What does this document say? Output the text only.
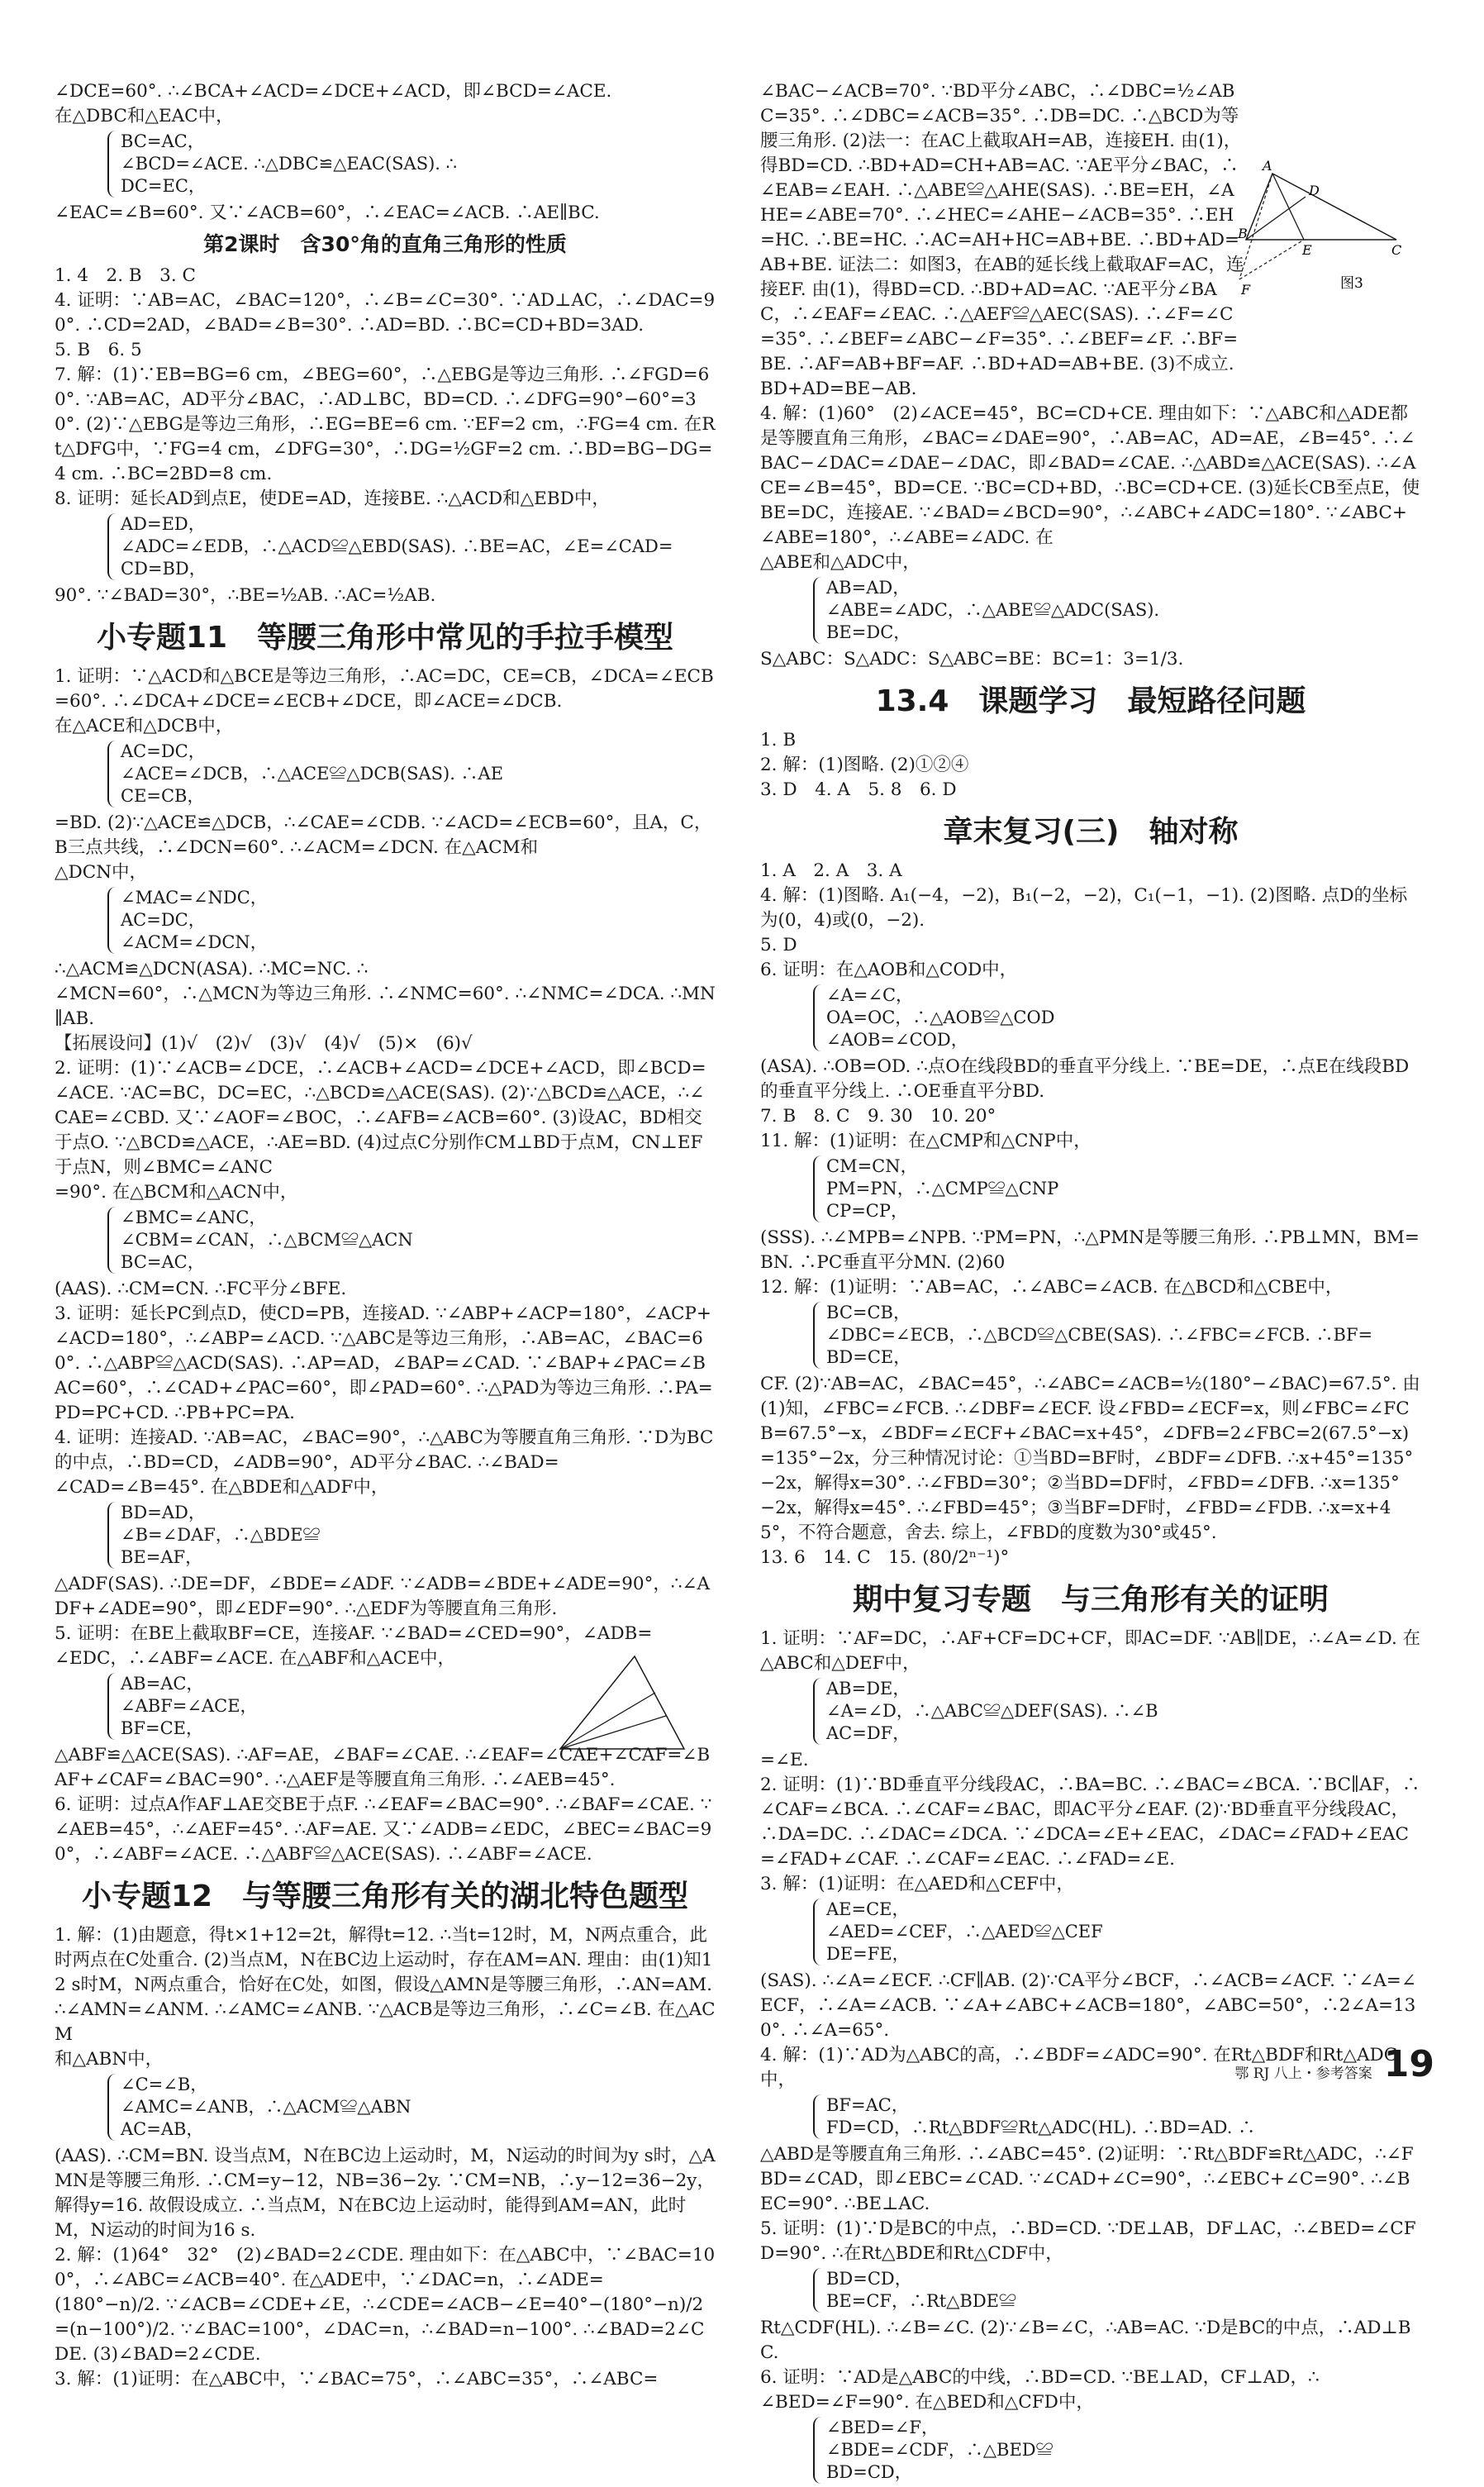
∠DCE=60°. ∴∠BCA+∠ACD=∠DCE+∠ACD，即∠BCD=∠ACE.

在△DBC和△EAC中，

BC=AC，
∠BCD=∠ACE. ∴△DBC≌△EAC(SAS). ∴
DC=EC，

∠EAC=∠B=60°. 又∵∠ACB=60°，∴∠EAC=∠ACB. ∴AE∥BC.

第2课时　含30°角的直角三角形的性质

1. 4　2. B　3. C

4. 证明：∵AB=AC，∠BAC=120°，∴∠B=∠C=30°. ∵AD⊥AC，∴∠DAC=90°. ∴CD=2AD，∠BAD=∠B=30°. ∴AD=BD. ∴BC=CD+BD=3AD.

5. B　6. 5

7. 解：(1)∵EB=BG=6 cm，∠BEG=60°，∴△EBG是等边三角形. ∴∠FGD=60°. ∵AB=AC，AD平分∠BAC，∴AD⊥BC，BD=CD. ∴∠DFG=90°−60°=30°. (2)∵△EBG是等边三角形，∴EG=BE=6 cm. ∵EF=2 cm，∴FG=4 cm. 在Rt△DFG中，∵FG=4 cm，∠DFG=30°，∴DG=½GF=2 cm. ∴BD=BG−DG=4 cm. ∴BC=2BD=8 cm.

8. 证明：延长AD到点E，使DE=AD，连接BE. ∴△ACD和△EBD中，

AD=ED，
∠ADC=∠EDB，∴△ACD≌△EBD(SAS). ∴BE=AC，∠E=∠CAD=
CD=BD，

90°. ∵∠BAD=30°，∴BE=½AB. ∴AC=½AB.

小专题11　等腰三角形中常见的手拉手模型

1. 证明：∵△ACD和△BCE是等边三角形，∴AC=DC，CE=CB，∠DCA=∠ECB=60°. ∴∠DCA+∠DCE=∠ECB+∠DCE，即∠ACE=∠DCB.

在△ACE和△DCB中，

AC=DC，
∠ACE=∠DCB，∴△ACE≌△DCB(SAS). ∴AE
CE=CB，

=BD. (2)∵△ACE≌△DCB，∴∠CAE=∠CDB. ∵∠ACD=∠ECB=60°，且A，C，B三点共线，∴∠DCN=60°. ∴∠ACM=∠DCN. 在△ACM和

△DCN中，

∠MAC=∠NDC，
AC=DC，
∠ACM=∠DCN，

∴△ACM≌△DCN(ASA). ∴MC=NC. ∴

∠MCN=60°，∴△MCN为等边三角形. ∴∠NMC=60°. ∴∠NMC=∠DCA. ∴MN∥AB.

【拓展设问】(1)√　(2)√　(3)√　(4)√　(5)×　(6)√

2. 证明：(1)∵∠ACB=∠DCE，∴∠ACB+∠ACD=∠DCE+∠ACD，即∠BCD=∠ACE. ∵AC=BC，DC=EC，∴△BCD≌△ACE(SAS). (2)∵△BCD≌△ACE，∴∠CAE=∠CBD. 又∵∠AOF=∠BOC，∴∠AFB=∠ACB=60°. (3)设AC，BD相交于点O. ∵△BCD≌△ACE，∴AE=BD. (4)过点C分别作CM⊥BD于点M，CN⊥EF于点N，则∠BMC=∠ANC

=90°. 在△BCM和△ACN中，

∠BMC=∠ANC，
∠CBM=∠CAN，∴△BCM≌△ACN
BC=AC，

(AAS). ∴CM=CN. ∴FC平分∠BFE.

3. 证明：延长PC到点D，使CD=PB，连接AD. ∵∠ABP+∠ACP=180°，∠ACP+∠ACD=180°，∴∠ABP=∠ACD. ∵△ABC是等边三角形，∴AB=AC，∠BAC=60°. ∴△ABP≌△ACD(SAS). ∴AP=AD，∠BAP=∠CAD. ∵∠BAP+∠PAC=∠BAC=60°，∴∠CAD+∠PAC=60°，即∠PAD=60°. ∴△PAD为等边三角形. ∴PA=PD=PC+CD. ∴PB+PC=PA.

4. 证明：连接AD. ∵AB=AC，∠BAC=90°，∴△ABC为等腰直角三角形. ∵D为BC的中点，∴BD=CD，∠ADB=90°，AD平分∠BAC. ∴∠BAD=

∠CAD=∠B=45°. 在△BDE和△ADF中，

BD=AD，
∠B=∠DAF，∴△BDE≌
BE=AF，

△ADF(SAS). ∴DE=DF，∠BDE=∠ADF. ∵∠ADB=∠BDE+∠ADE=90°，∴∠ADF+∠ADE=90°，即∠EDF=90°. ∴△EDF为等腰直角三角形.

5. 证明：在BE上截取BF=CE，连接AF. ∵∠BAD=∠CED=90°，∠ADB=

∠EDC，∴∠ABF=∠ACE. 在△ABF和△ACE中，

AB=AC，
∠ABF=∠ACE，
BF=CE，

△ABF≌△ACE(SAS). ∴AF=AE，∠BAF=∠CAE. ∴∠EAF=∠CAE+∠CAF=∠BAF+∠CAF=∠BAC=90°. ∴△AEF是等腰直角三角形. ∴∠AEB=45°.

6. 证明：过点A作AF⊥AE交BE于点F. ∴∠EAF=∠BAC=90°. ∴∠BAF=∠CAE. ∵∠AEB=45°，∴∠AEF=45°. ∴AF=AE. 又∵∠ADB=∠EDC，∠BEC=∠BAC=90°，∴∠ABF=∠ACE. ∴△ABF≌△ACE(SAS). ∴∠ABF=∠ACE.

小专题12　与等腰三角形有关的湖北特色题型

1. 解：(1)由题意，得t×1+12=2t，解得t=12. ∴当t=12时，M，N两点重合，此时两点在C处重合. (2)当点M，N在BC边上运动时，存在AM=AN. 理由：由(1)知12 s时M，N两点重合，恰好在C处，如图，假设△AMN是等腰三角形，∴AN=AM. ∴∠AMN=∠ANM. ∴∠AMC=∠ANB. ∵△ACB是等边三角形，∴∠C=∠B. 在△ACM

和△ABN中，

∠C=∠B，
∠AMC=∠ANB，∴△ACM≌△ABN
AC=AB，

(AAS). ∴CM=BN. 设当点M，N在BC边上运动时，M，N运动的时间为y s时，△AMN是等腰三角形. ∴CM=y−12，NB=36−2y. ∵CM=NB，∴y−12=36−2y，解得y=16. 故假设成立. ∴当点M，N在BC边上运动时，能得到AM=AN，此时M，N运动的时间为16 s.

2. 解：(1)64°　32°　(2)∠BAD=2∠CDE. 理由如下：在△ABC中，∵∠BAC=100°，∴∠ABC=∠ACB=40°. 在△ADE中，∵∠DAC=n，∴∠ADE=

(180°−n)/2. ∵∠ACB=∠CDE+∠E，∴∠CDE=∠ACB−∠E=40°−(180°−n)/2=(n−100°)/2. ∵∠BAC=100°，∠DAC=n，∴∠BAD=n−100°. ∴∠BAD=2∠CDE. (3)∠BAD=2∠CDE.

3. 解：(1)证明：在△ABC中，∵∠BAC=75°，∴∠ABC=35°，∴∠ABC=

∠BAC−∠ACB=70°. ∵BD平分∠ABC，∴∠DBC=½∠ABC=35°. ∴∠DBC=∠ACB=35°. ∴DB=DC. ∴△BCD为等腰三角形. (2)法一：在AC上截取AH=AB，连接EH. 由(1)，得BD=CD. ∴BD+AD=CH+AB=AC. ∵AE平分∠BAC，∴∠EAB=∠EAH. ∴△ABE≌△AHE(SAS). ∴BE=EH，∠AHE=∠ABE=70°. ∴∠HEC=∠AHE−∠ACB=35°. ∴EH=HC. ∴BE=HC. ∴AC=AH+HC=AB+BE. ∴BD+AD=AB+BE. 证法二：如图3，在AB的延长线上截取AF=AC，连接EF. 由(1)，得BD=CD. ∴BD+AD=AC. ∵AE平分∠BAC，∴∠EAF=∠EAC. ∴△AEF≌△AEC(SAS). ∴∠F=∠C=35°. ∴∠BEF=∠ABC−∠F=35°. ∴∠BEF=∠F. ∴BF=BE. ∴AF=AB+BF=AF. ∴BD+AD=AB+BE. (3)不成立. BD+AD=BE−AB.

4. 解：(1)60°　(2)∠ACE=45°，BC=CD+CE. 理由如下：∵△ABC和△ADE都是等腰直角三角形，∠BAC=∠DAE=90°，∴AB=AC，AD=AE，∠B=45°. ∴∠BAC−∠DAC=∠DAE−∠DAC，即∠BAD=∠CAE. ∴△ABD≌△ACE(SAS). ∴∠ACE=∠B=45°，BD=CE. ∵BC=CD+BD，∴BC=CD+CE. (3)延长CB至点E，使BE=DC，连接AE. ∵∠BAD=∠BCD=90°，∴∠ABC+∠ADC=180°. ∵∠ABC+∠ABE=180°，∴∠ABE=∠ADC. 在

△ABE和△ADC中，

AB=AD，
∠ABE=∠ADC，∴△ABE≌△ADC(SAS).
BE=DC，

S△ABC：S△ADC：S△ABC=BE：BC=1：3=1/3.

13.4　课题学习　最短路径问题

1. B

2. 解：(1)图略. (2)①②④

3. D　4. A　5. 8　6. D

章末复习(三)　轴对称

1. A　2. A　3. A

4. 解：(1)图略. A₁(−4，−2)，B₁(−2，−2)，C₁(−1，−1). (2)图略. 点D的坐标为(0，4)或(0，−2).

5. D

6. 证明：在△AOB和△COD中，

∠A=∠C，
OA=OC，∴△AOB≌△COD
∠AOB=∠COD，

(ASA). ∴OB=OD. ∴点O在线段BD的垂直平分线上. ∵BE=DE，∴点E在线段BD的垂直平分线上. ∴OE垂直平分BD.

7. B　8. C　9. 30　10. 20°

11. 解：(1)证明：在△CMP和△CNP中，

CM=CN，
PM=PN，∴△CMP≌△CNP
CP=CP，

(SSS). ∴∠MPB=∠NPB. ∵PM=PN，∴△PMN是等腰三角形. ∴PB⊥MN，BM=BN. ∴PC垂直平分MN. (2)60

12. 解：(1)证明：∵AB=AC，∴∠ABC=∠ACB. 在△BCD和△CBE中，

BC=CB，
∠DBC=∠ECB，∴△BCD≌△CBE(SAS). ∴∠FBC=∠FCB. ∴BF=
BD=CE，

CF. (2)∵AB=AC，∠BAC=45°，∴∠ABC=∠ACB=½(180°−∠BAC)=67.5°. 由(1)知，∠FBC=∠FCB. ∴∠DBF=∠ECF. 设∠FBD=∠ECF=x，则∠FBC=∠FCB=67.5°−x，∠BDF=∠ECF+∠BAC=x+45°，∠DFB=2∠FBC=2(67.5°−x)=135°−2x，分三种情况讨论：①当BD=BF时，∠BDF=∠DFB. ∴x+45°=135°−2x，解得x=30°. ∴∠FBD=30°；②当BD=DF时，∠FBD=∠DFB. ∴x=135°−2x，解得x=45°. ∴∠FBD=45°；③当BF=DF时，∠FBD=∠FDB. ∴x=x+45°，不符合题意，舍去. 综上，∠FBD的度数为30°或45°.

13. 6　14. C　15. (80/2ⁿ⁻¹)°

期中复习专题　与三角形有关的证明

1. 证明：∵AF=DC，∴AF+CF=DC+CF，即AC=DF. ∵AB∥DE，∴∠A=∠D. 在△ABC和△DEF中，

AB=DE，
∠A=∠D，∴△ABC≌△DEF(SAS). ∴∠B
AC=DF，

=∠E.

2. 证明：(1)∵BD垂直平分线段AC，∴BA=BC. ∴∠BAC=∠BCA. ∵BC∥AF，∴∠CAF=∠BCA. ∴∠CAF=∠BAC，即AC平分∠EAF. (2)∵BD垂直平分线段AC，∴DA=DC. ∴∠DAC=∠DCA. ∵∠DCA=∠E+∠EAC，∠DAC=∠FAD+∠EAC=∠FAD+∠CAF. ∴∠CAF=∠EAC. ∴∠FAD=∠E.

3. 解：(1)证明：在△AED和△CEF中，

AE=CE，
∠AED=∠CEF，∴△AED≌△CEF
DE=FE，

(SAS). ∴∠A=∠ECF. ∴CF∥AB. (2)∵CA平分∠BCF，∴∠ACB=∠ACF. ∵∠A=∠ECF，∴∠A=∠ACB. ∵∠A+∠ABC+∠ACB=180°，∠ABC=50°，∴2∠A=130°. ∴∠A=65°.

4. 解：(1)∵AD为△ABC的高，∴∠BDF=∠ADC=90°. 在Rt△BDF和Rt△ADC中，

BF=AC，
FD=CD，∴Rt△BDF≌Rt△ADC(HL). ∴BD=AD. ∴

△ABD是等腰直角三角形. ∴∠ABC=45°. (2)证明：∵Rt△BDF≌Rt△ADC，∴∠FBD=∠CAD，即∠EBC=∠CAD. ∵∠CAD+∠C=90°，∴∠EBC+∠C=90°. ∴∠BEC=90°. ∴BE⊥AC.

5. 证明：(1)∵D是BC的中点，∴BD=CD. ∵DE⊥AB，DF⊥AC，∴∠BED=∠CFD=90°. ∴在Rt△BDE和Rt△CDF中，

BD=CD，
BE=CF，∴Rt△BDE≌

Rt△CDF(HL). ∴∠B=∠C. (2)∵∠B=∠C，∴AB=AC. ∵D是BC的中点，∴AD⊥BC.

6. 证明：∵AD是△ABC的中线，∴BD=CD. ∵BE⊥AD，CF⊥AD，∴

∠BED=∠F=90°. 在△BED和△CFD中，

∠BED=∠F，
∠BDE=∠CDF，∴△BED≌
BD=CD，
A
D
B
E	C
F	图3
鄂 RJ 八上・参考答案 19
